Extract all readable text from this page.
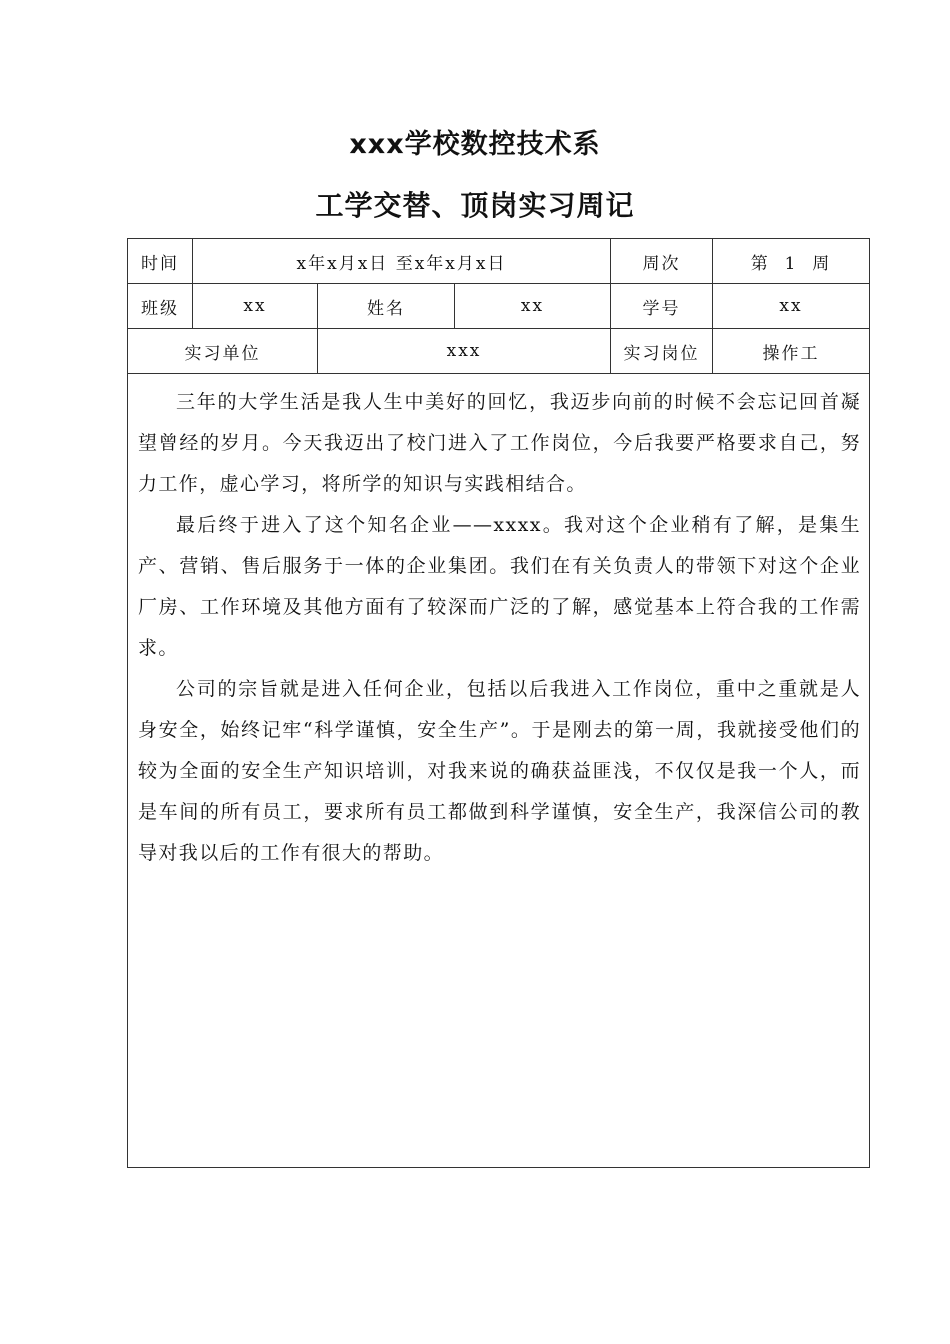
xxx学校数控技术系
工学交替、顶岗实习周记
时间	x年x月x日 至x年x月x日			周次	第  1  周
班级	xx	姓名	xx	学号	xx
实习单位		xxx		实习岗位	操作工

三年的大学生活是我人生中美好的回忆，我迈步向前的时候不会忘记回首凝望曾经的岁月。今天我迈出了校门进入了工作岗位，今后我要严格要求自己，努力工作，虚心学习，将所学的知识与实践相结合。

最后终于进入了这个知名企业——xxxx。我对这个企业稍有了解，是集生产、营销、售后服务于一体的企业集团。我们在有关负责人的带领下对这个企业厂房、工作环境及其他方面有了较深而广泛的了解，感觉基本上符合我的工作需求。

公司的宗旨就是进入任何企业，包括以后我进入工作岗位，重中之重就是人身安全，始终记牢“科学谨慎，安全生产”。于是刚去的第一周，我就接受他们的较为全面的安全生产知识培训，对我来说的确获益匪浅，不仅仅是我一个人，而是车间的所有员工，要求所有员工都做到科学谨慎，安全生产，我深信公司的教导对我以后的工作有很大的帮助。					
